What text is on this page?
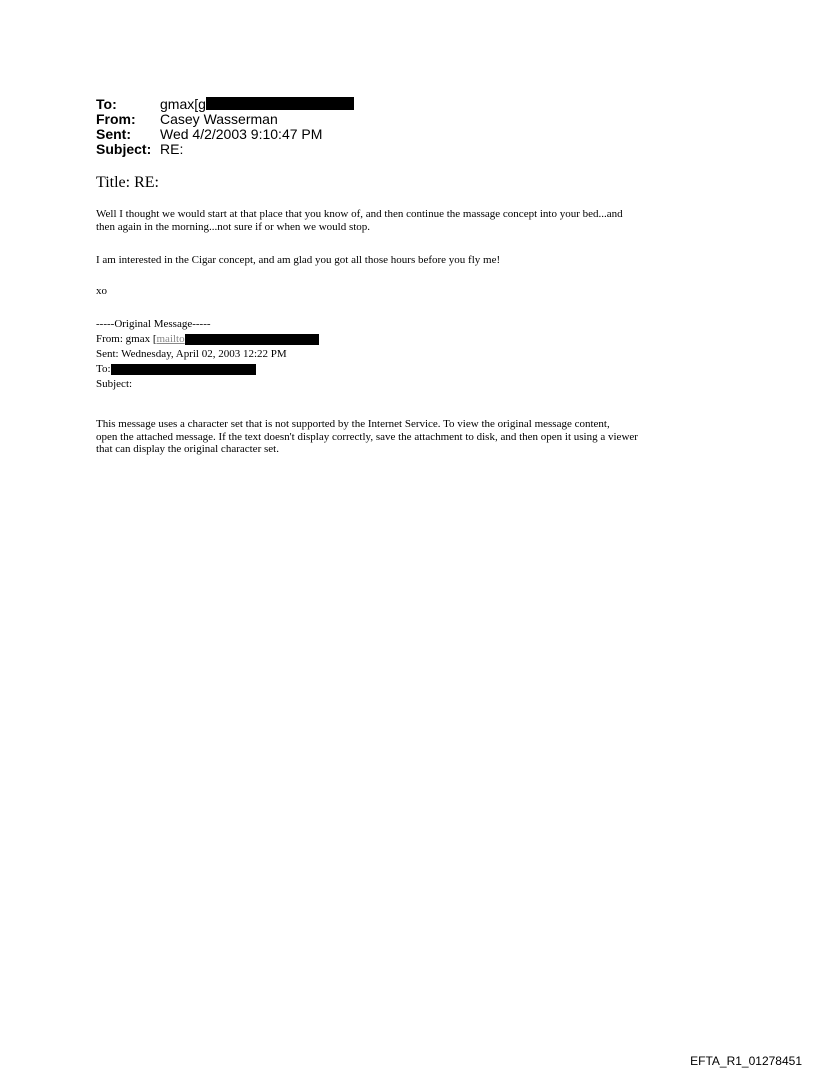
To:	gmax[g
From:	Casey Wasserman
Sent:	Wed 4/2/2003 9:10:47 PM
Subject: RE:
Title: RE:
Well I thought we would start at that place that you know of, and then continue the massage concept into your bed...and
then again in the morning...not sure if or when we would stop.
I am interested in the Cigar concept, and am glad you got all those hours before you fly me!
xo
-----Original Message-----
From: gmax [mailto
Sent: Wednesday, April 02, 2003 12:22 PM
To:
Subject:
This message uses a character set that is not supported by the Internet Service. To view the original message content,
open the attached message. If the text doesn't display correctly, save the attachment to disk, and then open it using a viewer
that can display the original character set.
EFTA_R1_01278451
